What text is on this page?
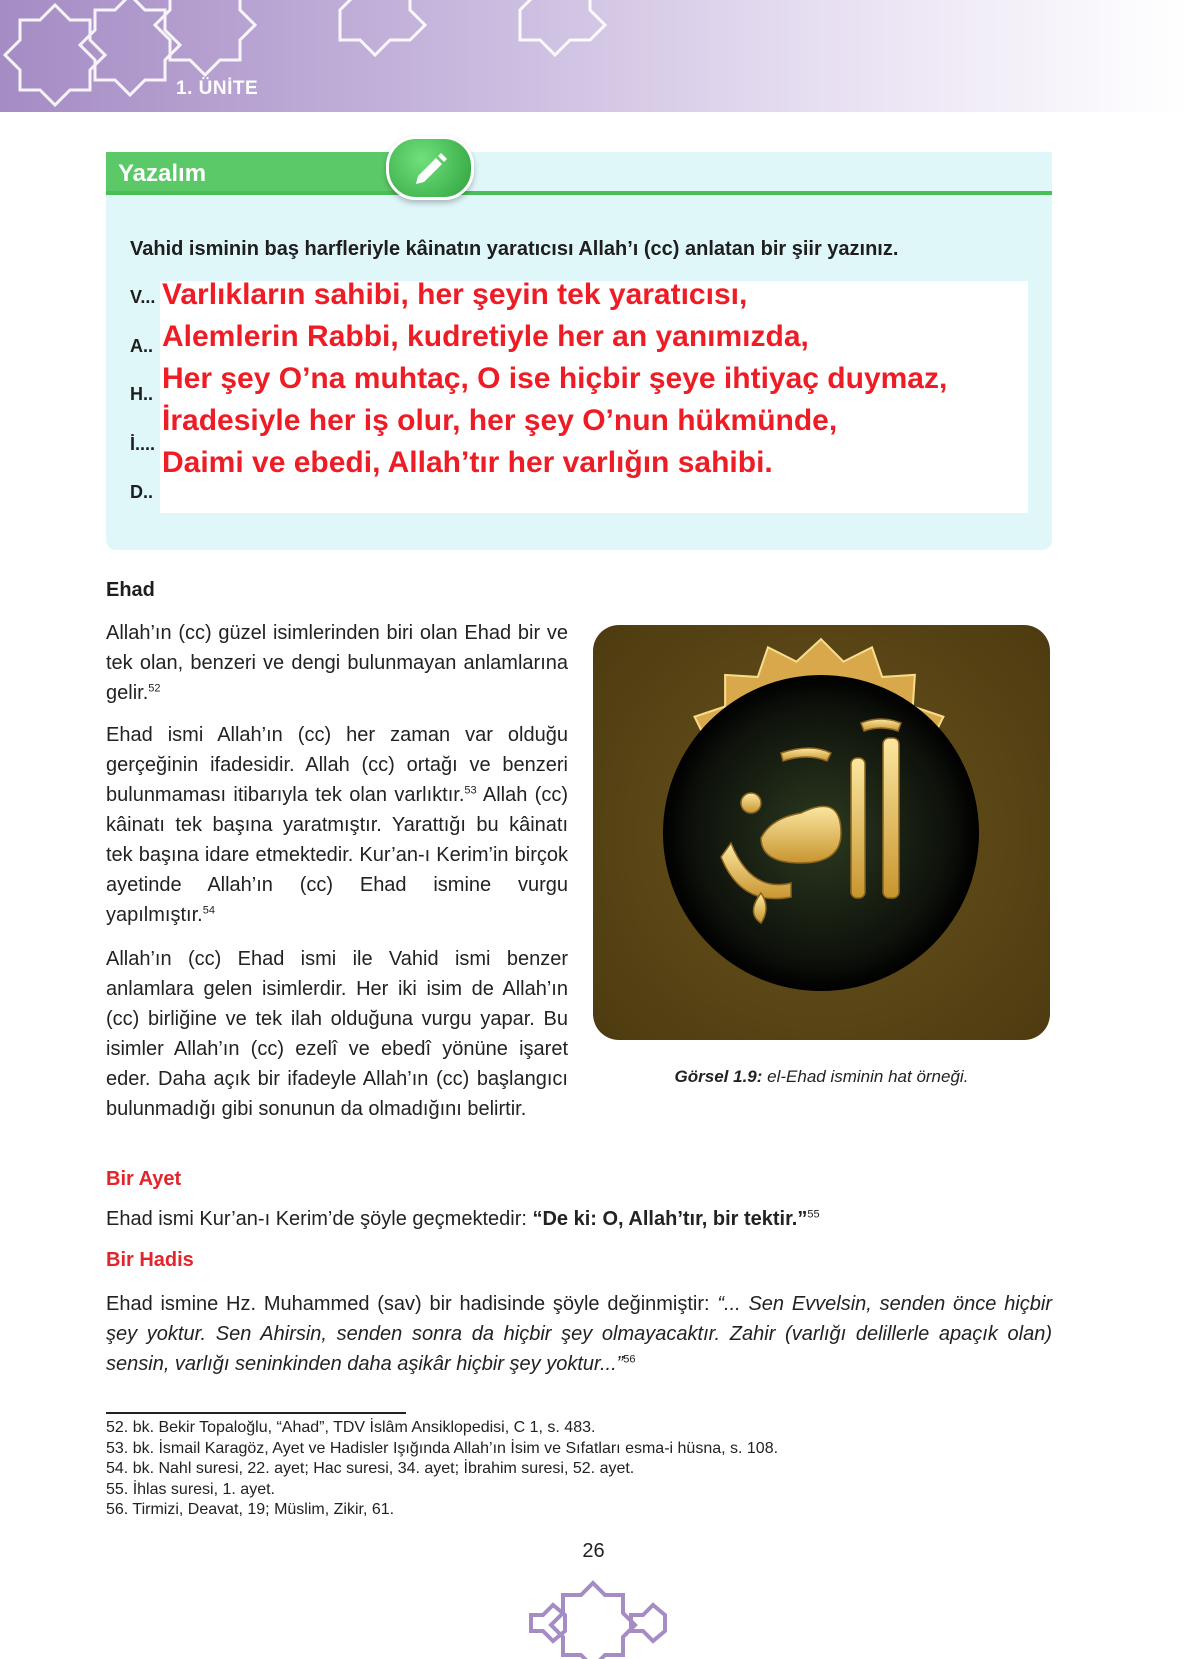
1. ÜNİTE
Yazalım
Vahid isminin baş harfleriyle kâinatın yaratıcısı Allah’ı (cc) anlatan bir şiir yazınız.
V...
A..
H..
İ....
D..
Varlıkların sahibi, her şeyin tek yaratıcısı,
Alemlerin Rabbi, kudretiyle her an yanımızda,
Her şey O’na muhtaç, O ise hiçbir şeye ihtiyaç duymaz,
İradesiyle her iş olur, her şey O’nun hükmünde,
Daimi ve ebedi, Allah’tır her varlığın sahibi.
Ehad
Allah’ın (cc) güzel isimlerinden biri olan Ehad bir ve tek olan, benzeri ve dengi bulunmayan anlamlarına gelir.$^{52}$
Ehad ismi Allah’ın (cc) her zaman var olduğu gerçeğinin ifadesidir. Allah (cc) ortağı ve benzeri bulunmaması itibarıyla tek olan varlıktır.$^{53}$ Allah (cc) kâinatı tek başına yaratmıştır. Yarattığı bu kâinatı tek başına idare etmektedir. Kur’an-ı Kerim’in birçok ayetinde Allah’ın (cc) Ehad ismine vurgu yapılmıştır.$^{54}$
Allah’ın (cc) Ehad ismi ile Vahid ismi benzer anlamlara gelen isimlerdir. Her iki isim de Allah’ın (cc) birliğine ve tek ilah olduğuna vurgu yapar. Bu isimler Allah’ın (cc) ezelî ve ebedî yönüne işaret eder. Daha açık bir ifadeyle Allah’ın (cc) başlangıcı bulunmadığı gibi sonunun da olmadığını belirtir.
Görsel 1.9: el-Ehad isminin hat örneği.
Bir Ayet
Ehad ismi Kur’an-ı Kerim’de şöyle geçmektedir: “De ki: O, Allah’tır, bir tektir.”$^{55}$
Bir Hadis
Ehad ismine Hz. Muhammed (sav) bir hadisinde şöyle değinmiştir: “... Sen Evvelsin, senden önce hiçbir şey yoktur. Sen Ahirsin, senden sonra da hiçbir şey olmayacaktır. Zahir (varlığı delillerle apaçık olan) sensin, varlığı seninkinden daha aşikâr hiçbir şey yoktur...”$^{56}$
52. bk. Bekir Topaloğlu, “Ahad”, TDV İslâm Ansiklopedisi, C 1, s. 483.
53. bk. İsmail Karagöz, Ayet ve Hadisler Işığında Allah’ın İsim ve Sıfatları esma-i hüsna, s. 108.
54. bk. Nahl suresi, 22. ayet; Hac suresi, 34. ayet; İbrahim suresi, 52. ayet.
55. İhlas suresi, 1. ayet.
56. Tirmizi, Deavat, 19; Müslim, Zikir, 61.
26
